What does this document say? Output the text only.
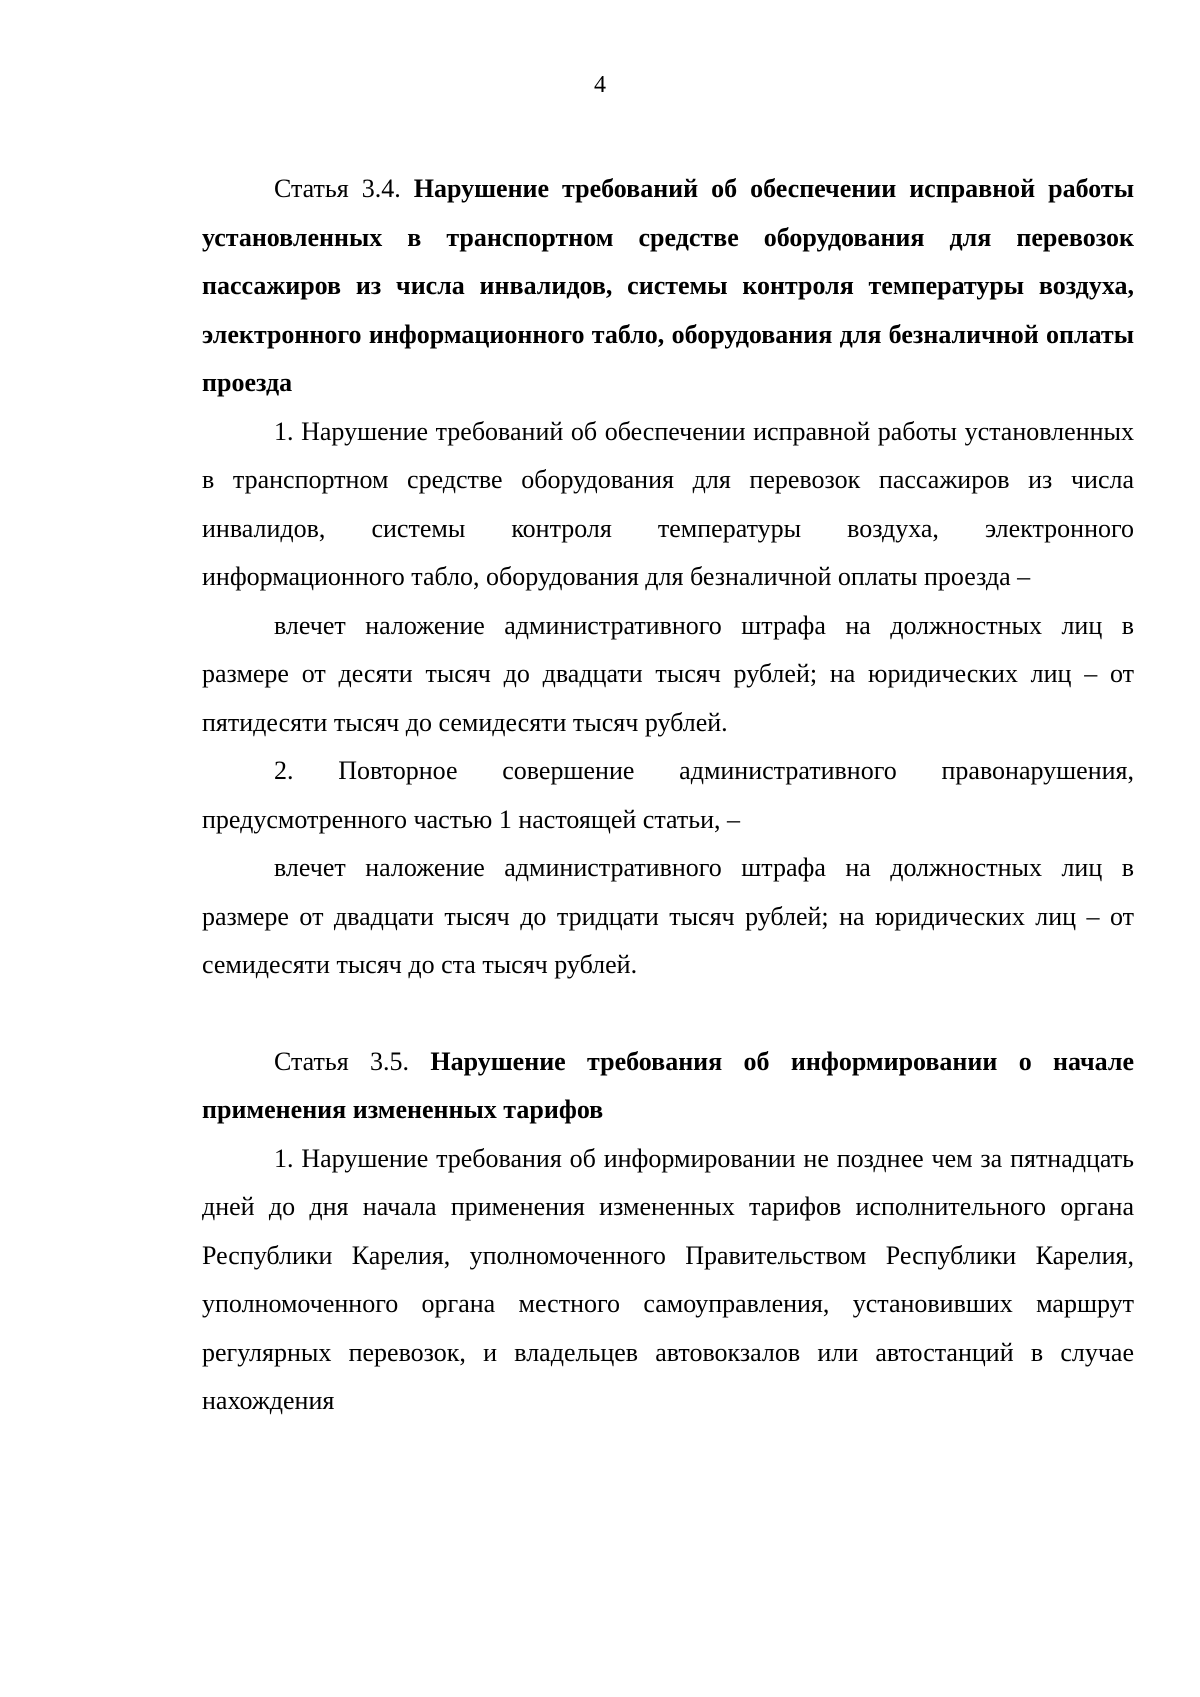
4

Статья 3.4. Нарушение требований об обеспечении исправной работы установленных в транспортном средстве оборудования для перевозок пассажиров из числа инвалидов, системы контроля температуры воздуха, электронного информационного табло, оборудования для безналичной оплаты проезда

1. Нарушение требований об обеспечении исправной работы установленных в транспортном средстве оборудования для перевозок пассажиров из числа инвалидов, системы контроля температуры воздуха, электронного информационного табло, оборудования для безналичной оплаты проезда –

влечет наложение административного штрафа на должностных лиц в размере от десяти тысяч до двадцати тысяч рублей; на юридических лиц – от пятидесяти тысяч до семидесяти тысяч рублей.

2. Повторное совершение административного правонарушения, предусмотренного частью 1 настоящей статьи, –

влечет наложение административного штрафа на должностных лиц в размере от двадцати тысяч до тридцати тысяч рублей; на юридических лиц – от семидесяти тысяч до ста тысяч рублей.

Статья 3.5. Нарушение требования об информировании о начале применения измененных тарифов

1. Нарушение требования об информировании не позднее чем за пятнадцать дней до дня начала применения измененных тарифов исполнительного органа Республики Карелия, уполномоченного Правительством Республики Карелия, уполномоченного органа местного самоуправления, установивших маршрут регулярных перевозок, и владельцев автовокзалов или автостанций в случае нахождения
